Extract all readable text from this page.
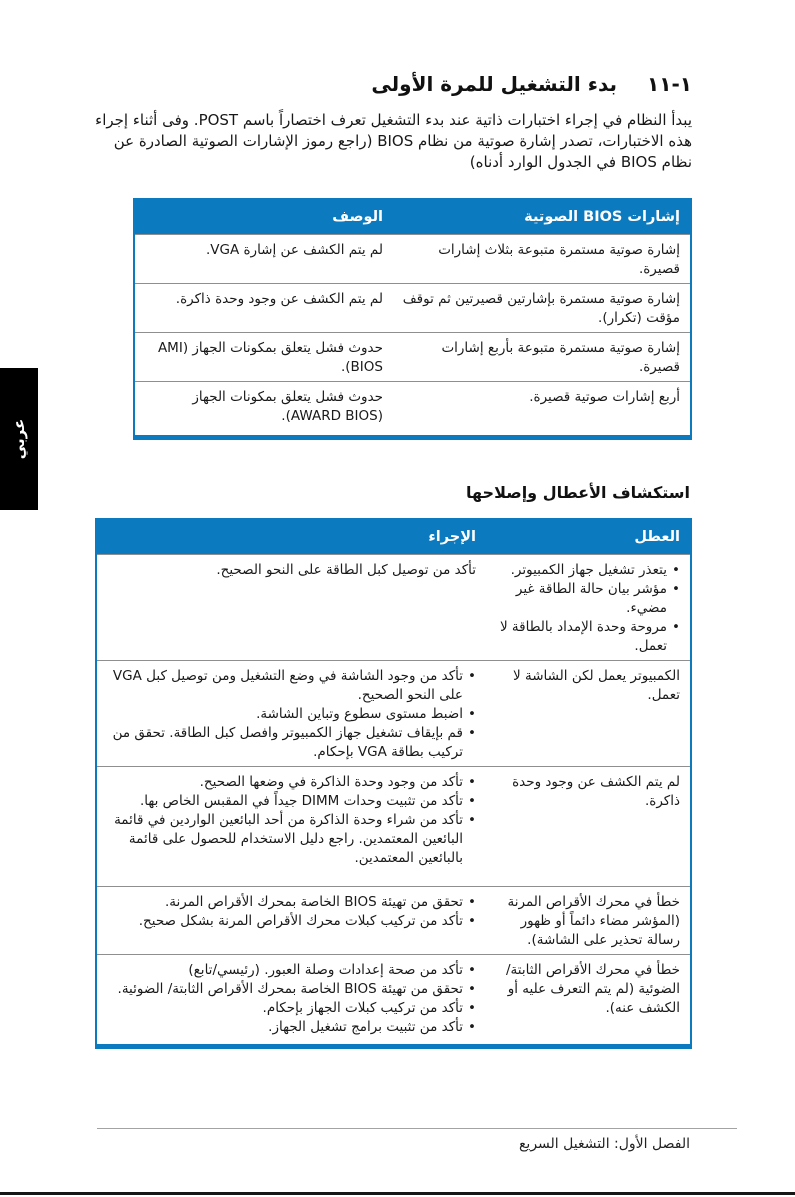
١-١١بدء التشغيل للمرة الأولى
يبدأ النظام في إجراء اختبارات ذاتية عند بدء التشغيل تعرف اختصاراً باسم POST. وفى أثناء إجراء هذه الاختبارات، تصدر إشارة صوتية من نظام BIOS (راجع رموز الإشارات الصوتية الصادرة عن نظام BIOS في الجدول الوارد أدناه)
إشارات BIOS الصوتية	الوصف
إشارة صوتية مستمرة متبوعة بثلاث إشارات قصيرة.	لم يتم الكشف عن إشارة VGA.
إشارة صوتية مستمرة بإشارتين قصيرتين ثم توقف مؤقت (تكرار).	لم يتم الكشف عن وجود وحدة ذاكرة.
إشارة صوتية مستمرة متبوعة بأربع إشارات قصيرة.	حدوث فشل يتعلق بمكونات الجهاز (AMI BIOS).
أربع إشارات صوتية قصيرة.	حدوث فشل يتعلق بمكونات الجهاز (AWARD BIOS).
استكشاف الأعطال وإصلاحها
العطل	الإجراء

• يتعذر تشغيل جهاز الكمبيوتر.
• مؤشر بيان حالة الطاقة غير مضيء.
• مروحة وحدة الإمداد بالطاقة لا تعمل.	تأكد من توصيل كبل الطاقة على النحو الصحيح.
الكمبيوتر يعمل لكن الشاشة لا تعمل.	• تأكد من وجود الشاشة في وضع التشغيل ومن توصيل كبل VGA على النحو الصحيح.
• اضبط مستوى سطوع وتباين الشاشة.
• قم بإيقاف تشغيل جهاز الكمبيوتر وافصل كبل الطاقة. تحقق من تركيب بطاقة VGA بإحكام.

لم يتم الكشف عن وجود وحدة ذاكرة.	• تأكد من وجود وحدة الذاكرة في وضعها الصحيح.
• تأكد من تثبيت وحدات DIMM جيداً في المقبس الخاص بها.
• تأكد من شراء وحدة الذاكرة من أحد البائعين الواردين في قائمة البائعين المعتمدين. راجع دليل الاستخدام للحصول على قائمة بالبائعين المعتمدين.

خطأ في محرك الأقراص المرنة (المؤشر مضاء دائماً أو ظهور رسالة تحذير على الشاشة).	• تحقق من تهيئة BIOS الخاصة بمحرك الأقراص المرنة.
• تأكد من تركيب كبلات محرك الأقراص المرنة بشكل صحيح.

خطأ في محرك الأقراص الثابتة/ الضوئية (لم يتم التعرف عليه أو الكشف عنه).	• تأكد من صحة إعدادات وصلة العبور. (رئيسي/تابع)
• تحقق من تهيئة BIOS الخاصة بمحرك الأقراص الثابتة/ الضوئية.
• تأكد من تركيب كبلات الجهاز بإحكام.
• تأكد من تثبيت برامج تشغيل الجهاز.
عربي
الفصل الأول: التشغيل السريع
